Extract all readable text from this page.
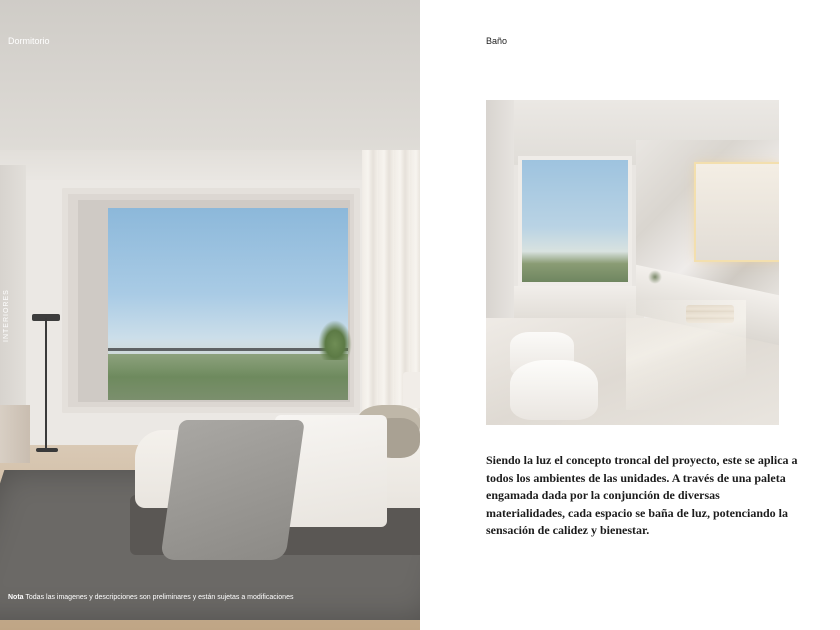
Dormitorio
INTERIORES
Nota Todas las imagenes y descripciones son preliminares y están sujetas a modificaciones
Baño

Siendo la luz el concepto troncal del proyecto, este se aplica a todos los ambientes de las unidades. A través de una paleta engamada dada por la conjunción de diversas materialidades, cada espacio se baña de luz, potenciando la sensación de calidez y bienestar.
